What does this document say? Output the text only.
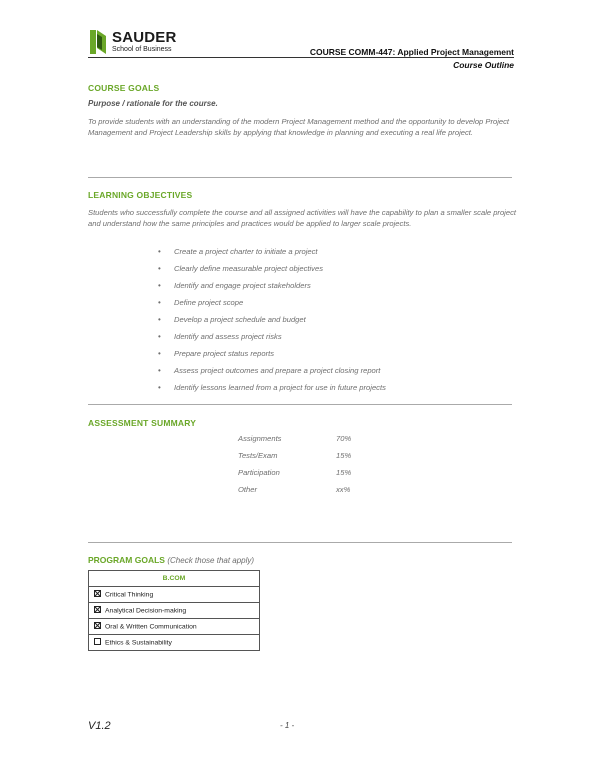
SAUDER
School of Business	COURSE COMM-447: Applied Project Management
Course Outline
COURSE GOALS
Purpose / rationale for the course.
To provide students with an understanding of the modern Project Management method and the opportunity to develop Project Management and Project Leadership skills by applying that knowledge in planning and executing a real life project.
LEARNING OBJECTIVES
Students who successfully complete the course and all assigned activities will have the capability to plan a smaller scale project and understand how the same principles and practices would be applied to larger scale projects.
• Create a project charter to initiate a project
• Clearly define measurable project objectives
• Identify and engage project stakeholders
• Define project scope
• Develop a project schedule and budget
• Identify and assess project risks
• Prepare project status reports
• Assess project outcomes and prepare a project closing report
• Identify lessons learned from a project for use in future projects
ASSESSMENT SUMMARY
Assignments	70%
Tests/Exam	15%
Participation	15%
Other	xx%
PROGRAM GOALS (Check those that apply)
B.COM
Critical Thinking
Analytical Decision-making
Oral & Written Communication
Ethics & Sustainability
V1.2	- 1 -
